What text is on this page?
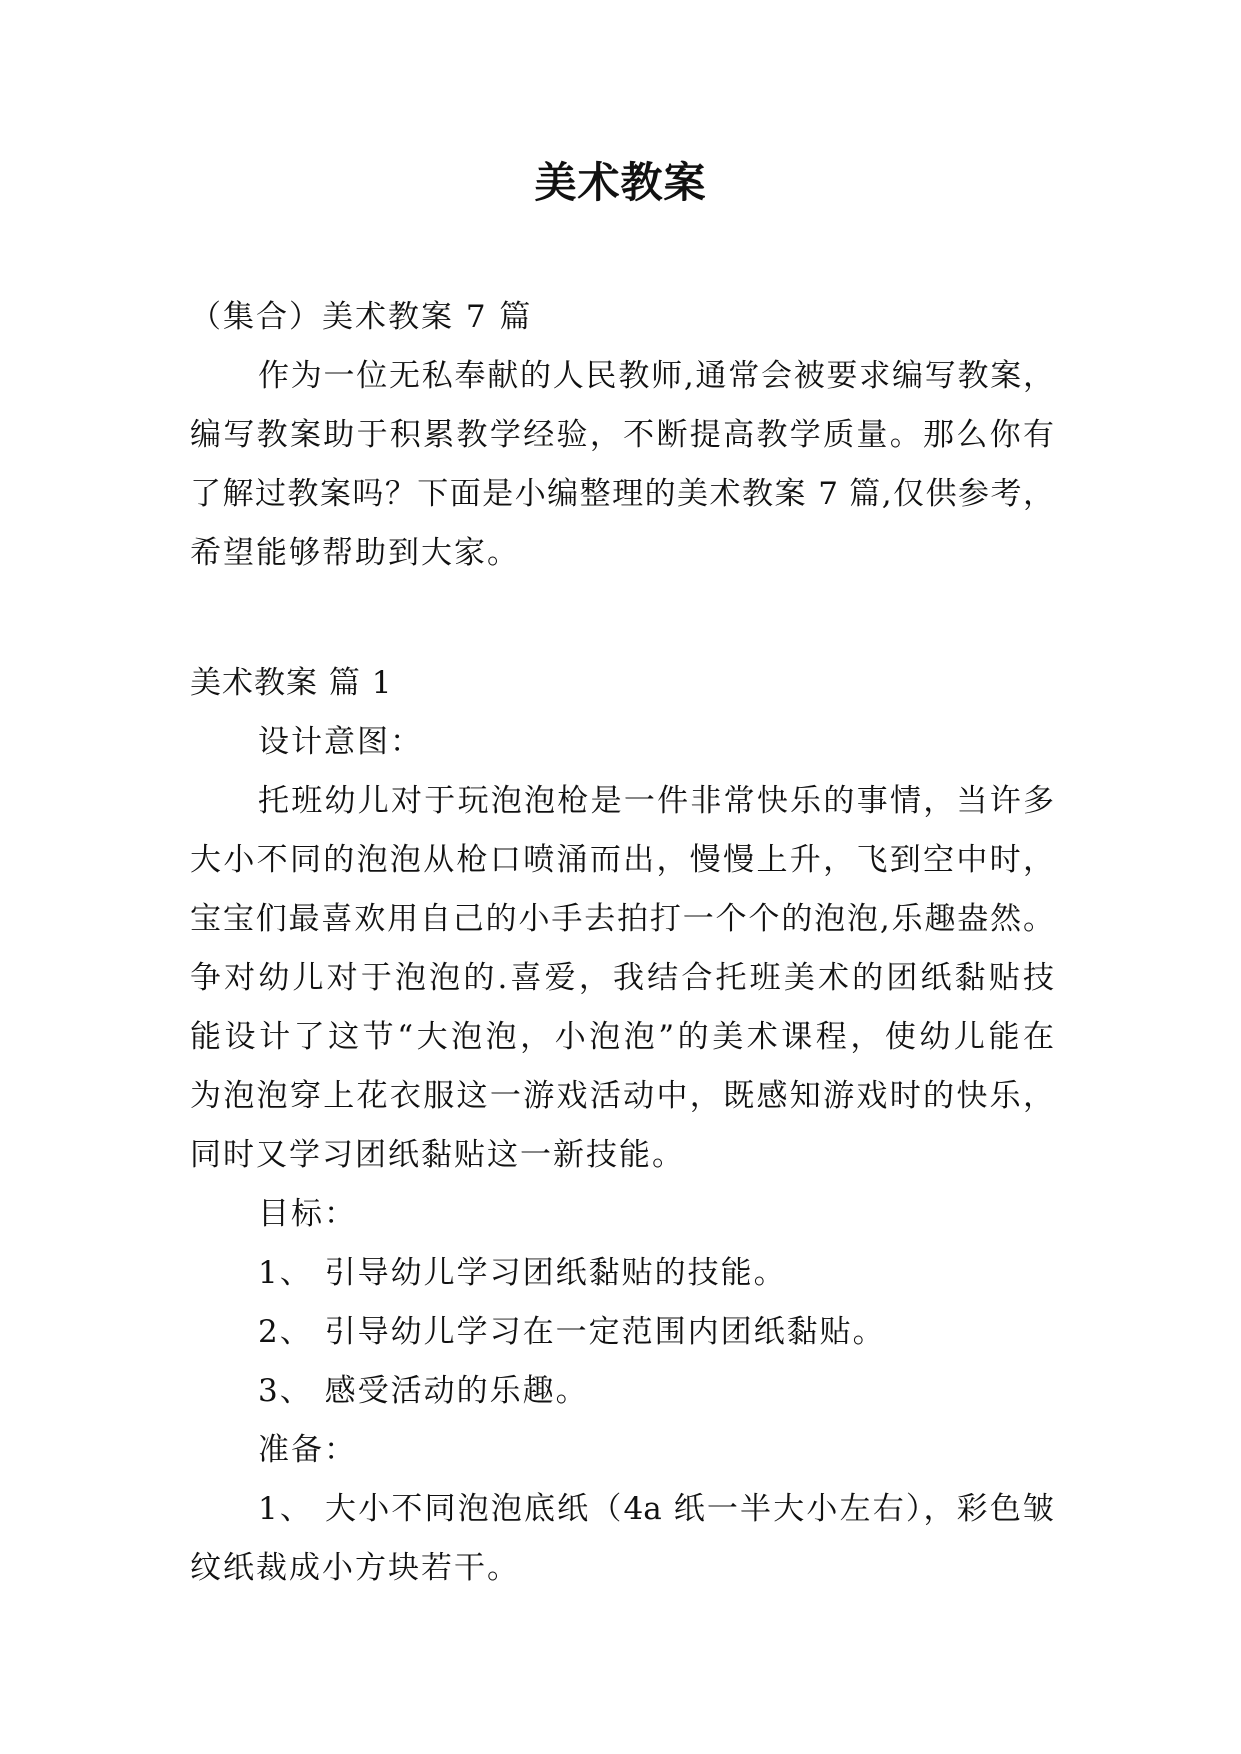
美术教案
（集合）美术教案 7 篇
作为一位无私奉献的人民教师,通常会被要求编写教案，
编写教案助于积累教学经验，不断提高教学质量。那么你有
了解过教案吗？下面是小编整理的美术教案 7 篇,仅供参考，
希望能够帮助到大家。
美术教案 篇 1
设计意图：
托班幼儿对于玩泡泡枪是一件非常快乐的事情，当许多
大小不同的泡泡从枪口喷涌而出，慢慢上升，飞到空中时，
宝宝们最喜欢用自己的小手去拍打一个个的泡泡,乐趣盎然。
争对幼儿对于泡泡的.喜爱，我结合托班美术的团纸黏贴技
能设计了这节“大泡泡，小泡泡”的美术课程，使幼儿能在
为泡泡穿上花衣服这一游戏活动中，既感知游戏时的快乐，
同时又学习团纸黏贴这一新技能。
目标：
1、 引导幼儿学习团纸黏贴的技能。
2、 引导幼儿学习在一定范围内团纸黏贴。
3、 感受活动的乐趣。
准备：
1、 大小不同泡泡底纸（4a 纸一半大小左右），彩色皱
纹纸裁成小方块若干。
